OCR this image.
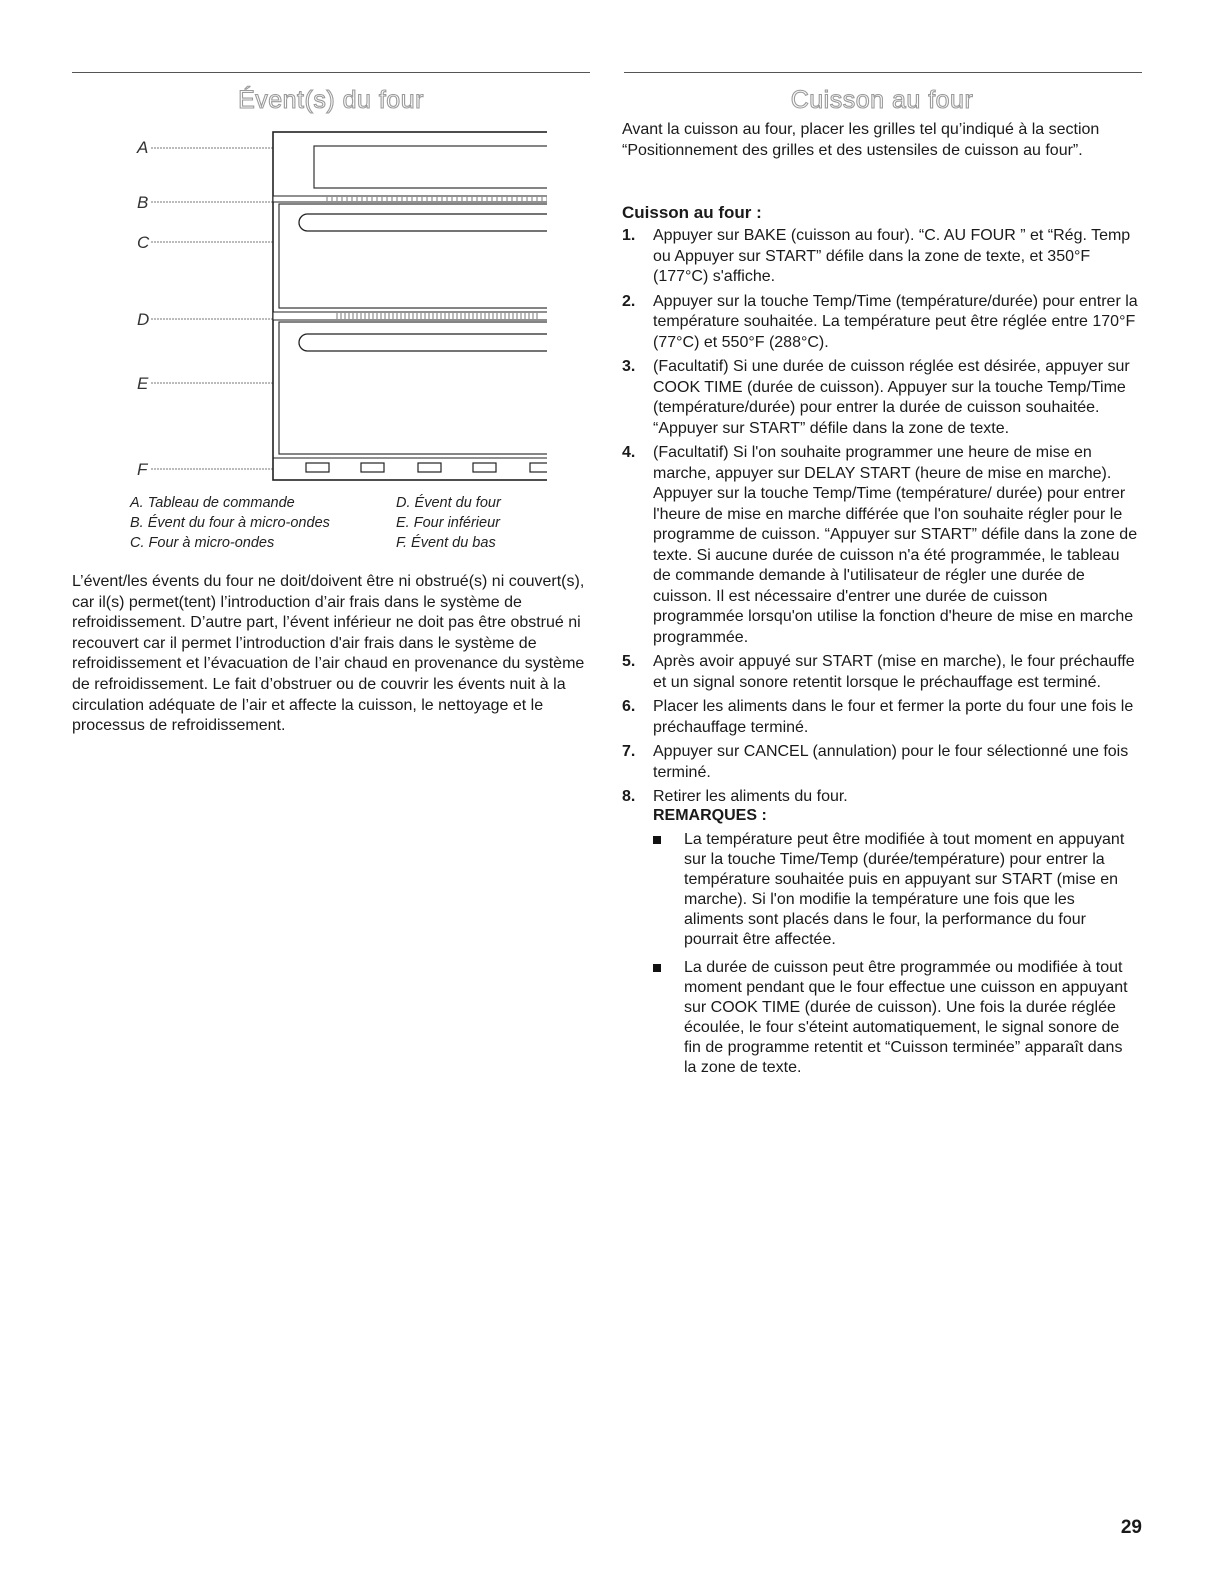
Évent(s) du four
A
B
C
D
E
F
A. Tableau de commande
B. Évent du four à micro-ondes
C. Four à micro-ondes
D. Évent du four
E. Four inférieur
F. Évent du bas
L’évent/les évents du four ne doit/doivent être ni obstrué(s) ni couvert(s), car il(s) permet(tent) l’introduction d’air frais dans le système de refroidissement. D’autre part, l’évent inférieur ne doit pas être obstrué ni recouvert car il permet l’introduction d'air frais dans le système de refroidissement et l’évacuation de l’air chaud en provenance du système de refroidissement. Le fait d’obstruer ou de couvrir les évents nuit à la circulation adéquate de l’air et affecte la cuisson, le nettoyage et le processus de refroidissement.
Cuisson au four
Avant la cuisson au four, placer les grilles tel qu’indiqué à la section “Positionnement des grilles et des ustensiles de cuisson au four”.
Cuisson au four :
1. Appuyer sur BAKE (cuisson au four). “C. AU FOUR ” et “Rég. Temp ou Appuyer sur START” défile dans la zone de texte, et 350°F (177°C) s'affiche.
2. Appuyer sur la touche Temp/Time (température/durée) pour entrer la température souhaitée. La température peut être réglée entre 170°F (77°C) et 550°F (288°C).
3. (Facultatif) Si une durée de cuisson réglée est désirée, appuyer sur COOK TIME (durée de cuisson). Appuyer sur la touche Temp/Time (température/durée) pour entrer la durée de cuisson souhaitée. “Appuyer sur START” défile dans la zone de texte.
4. (Facultatif) Si l'on souhaite programmer une heure de mise en marche, appuyer sur DELAY START (heure de mise en marche). Appuyer sur la touche Temp/Time (température/ durée) pour entrer l'heure de mise en marche différée que l'on souhaite régler pour le programme de cuisson. “Appuyer sur START” défile dans la zone de texte. Si aucune durée de cuisson n'a été programmée, le tableau de commande demande à l'utilisateur de régler une durée de cuisson. Il est nécessaire d'entrer une durée de cuisson programmée lorsqu'on utilise la fonction d'heure de mise en marche programmée.
5. Après avoir appuyé sur START (mise en marche), le four préchauffe et un signal sonore retentit lorsque le préchauffage est terminé.
6. Placer les aliments dans le four et fermer la porte du four une fois le préchauffage terminé.
7. Appuyer sur CANCEL (annulation) pour le four sélectionné une fois terminé.
8. Retirer les aliments du four.
REMARQUES :
La température peut être modifiée à tout moment en appuyant sur la touche Time/Temp (durée/température) pour entrer la température souhaitée puis en appuyant sur START (mise en marche). Si l'on modifie la température une fois que les aliments sont placés dans le four, la performance du four pourrait être affectée.
La durée de cuisson peut être programmée ou modifiée à tout moment pendant que le four effectue une cuisson en appuyant sur COOK TIME (durée de cuisson). Une fois la durée réglée écoulée, le four s'éteint automatiquement, le signal sonore de fin de programme retentit et “Cuisson terminée” apparaît dans la zone de texte.
29
